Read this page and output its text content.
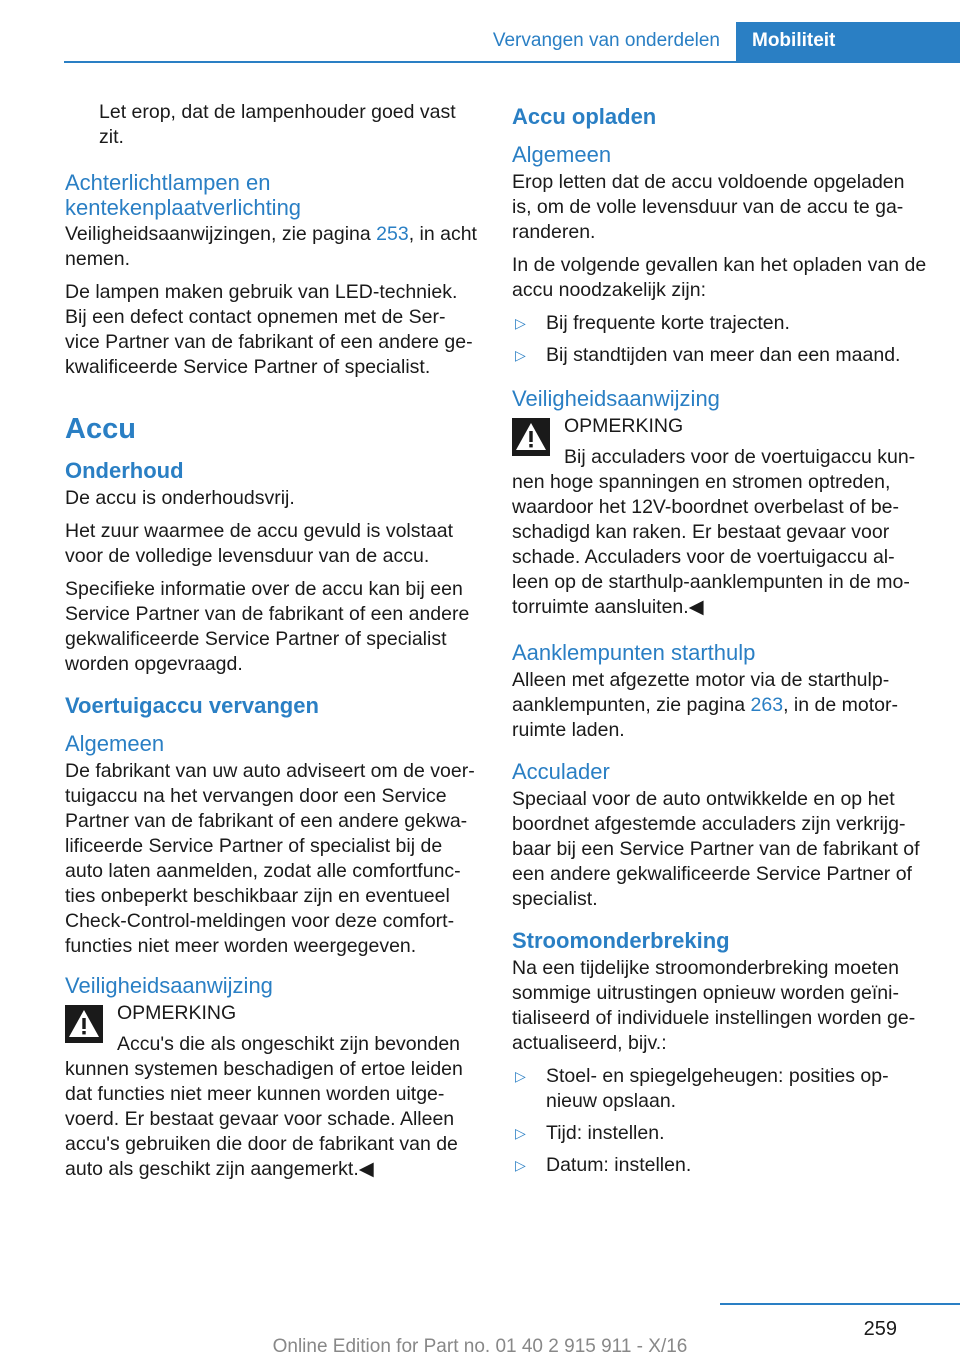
Vervangen van onderdelen	Mobiliteit

Let erop, dat de lampenhouder goed vast zit.

Achterlichtlampen en kentekenplaatverlichting

Veiligheidsaanwijzingen, zie pagina 253, in acht nemen.

De lampen maken gebruik van LED-techniek. Bij een defect contact opnemen met de Ser- vice Partner van de fabrikant of een andere ge- kwalificeerde Service Partner of specialist.

Accu
Onderhoud

De accu is onderhoudsvrij.

Het zuur waarmee de accu gevuld is volstaat voor de volledige levensduur van de accu.

Specifieke informatie over de accu kan bij een Service Partner van de fabrikant of een andere gekwalificeerde Service Partner of specialist worden opgevraagd.

Voertuigaccu vervangen
Algemeen

De fabrikant van uw auto adviseert om de voer- tuigaccu na het vervangen door een Service Partner van de fabrikant of een andere gekwa- lificeerde Service Partner of specialist bij de auto laten aanmelden, zodat alle comfortfunc- ties onbeperkt beschikbaar zijn en eventueel Check-Control-meldingen voor deze comfort- functies niet meer worden weergegeven.

Veiligheidsaanwijzing

OPMERKING

Accu's die als ongeschikt zijn bevonden

kunnen systemen beschadigen of ertoe leiden dat functies niet meer kunnen worden uitge- voerd. Er bestaat gevaar voor schade. Alleen accu's gebruiken die door de fabrikant van de auto als geschikt zijn aangemerkt.◀

Accu opladen
Algemeen

Erop letten dat de accu voldoende opgeladen is, om de volle levensduur van de accu te ga- randeren.

In de volgende gevallen kan het opladen van de accu noodzakelijk zijn:

▷ Bij frequente korte trajecten.
▷ Bij standtijden van meer dan een maand.
Veiligheidsaanwijzing

OPMERKING

Bij acculaders voor de voertuigaccu kun-

nen hoge spanningen en stromen optreden, waardoor het 12V-boordnet overbelast of be- schadigd kan raken. Er bestaat gevaar voor schade. Acculaders voor de voertuigaccu al- leen op de starthulp-aanklempunten in de mo- torruimte aansluiten.◀

Aanklempunten starthulp

Alleen met afgezette motor via de starthulp- aanklempunten, zie pagina 263, in de motor- ruimte laden.

Acculader

Speciaal voor de auto ontwikkelde en op het boordnet afgestemde acculaders zijn verkrijg- baar bij een Service Partner van de fabrikant of een andere gekwalificeerde Service Partner of specialist.

Stroomonderbreking

Na een tijdelijke stroomonderbreking moeten sommige uitrustingen opnieuw worden geïni- tialiseerd of individuele instellingen worden ge- actualiseerd, bijv.:

▷ Stoel- en spiegelgeheugen: posities op- nieuw opslaan.
▷ Tijd: instellen.
▷ Datum: instellen.
259
Online Edition for Part no. 01 40 2 915 911 - X/16
